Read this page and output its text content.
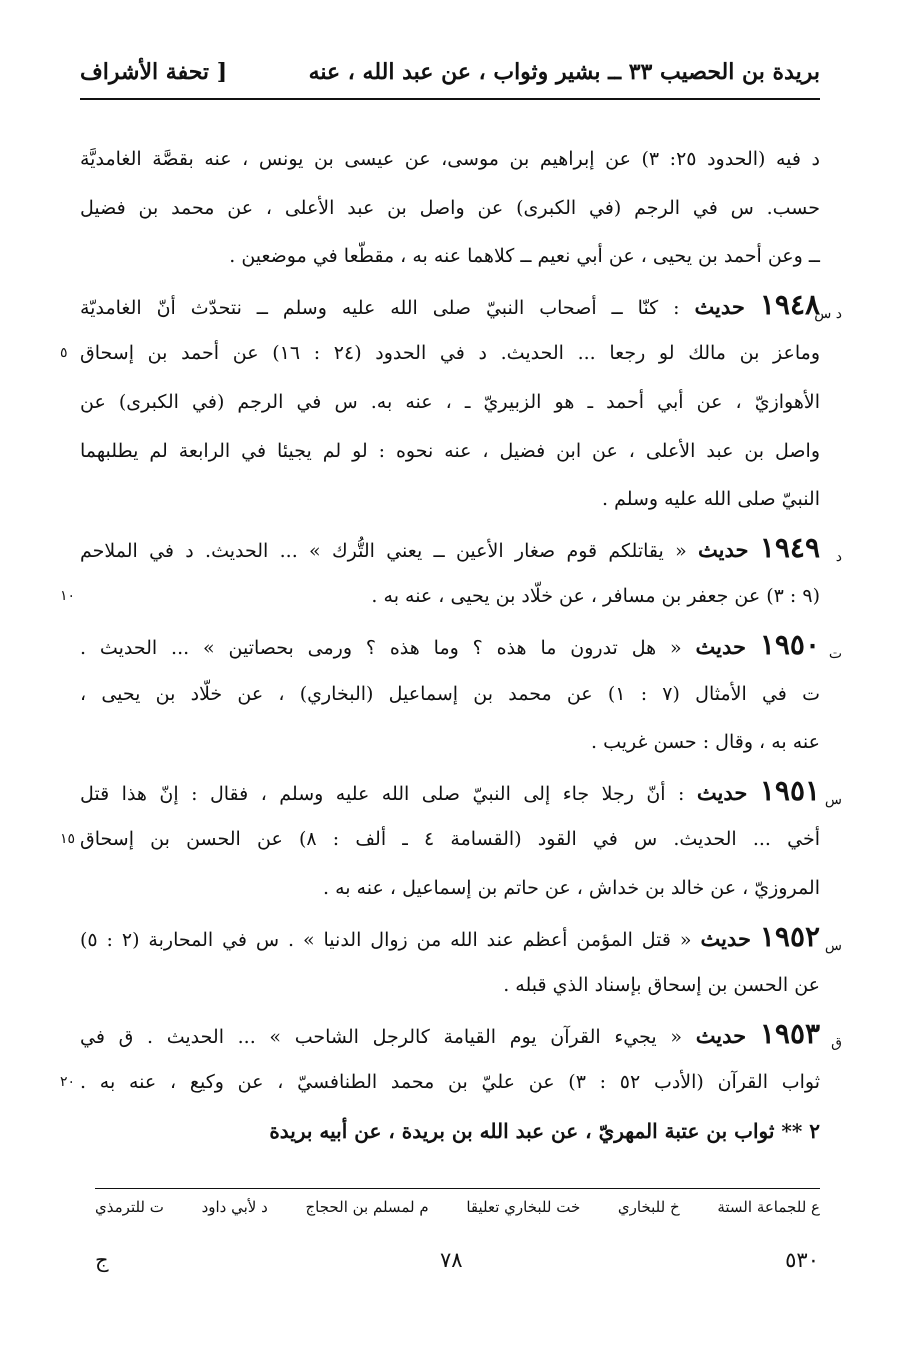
بريدة بن الحصيب ٣٣ ــ بشير وثواب ، عن عبد الله ، عنه
[ تحفة الأشراف
د فيه (الحدود ٢٥: ٣) عن إبراهيم بن موسى، عن عيسى بن يونس ، عنه بقصَّة الغامديَّة
حسب. س في الرجم (في الكبرى) عن واصل بن عبد الأعلى ، عن محمد بن فضيل
ــ وعن أحمد بن يحيى ، عن أبي نعيم ــ كلاهما عنه به ، مقطّعا في موضعين .
١٩٤٨ حديث : كنّا ــ أصحاب النبيّ صلى الله عليه وسلم ــ نتحدّث أنّ الغامديّة	د س
وماعز بن مالك لو رجعا ... الحديث. د في الحدود (٢٤ : ١٦) عن أحمد بن إسحاق
٥
الأهوازيّ ، عن أبي أحمد ـ هو الزبيريّ ـ ، عنه به. س في الرجم (في الكبرى) عن
واصل بن عبد الأعلى ، عن ابن فضيل ، عنه نحوه : لو لم يجيئا في الرابعة لم يطلبهما
النبيّ صلى الله عليه وسلم .
١٩٤٩ حديث « يقاتلكم قوم صغار الأعين ــ يعني التُّرك » ... الحديث. د في الملاحم	د
(٩ : ٣) عن جعفر بن مسافر ، عن خلّاد بن يحيى ، عنه به .
١٠
١٩٥٠ حديث « هل تدرون ما هذه ؟ وما هذه ؟ ورمى بحصاتين » ... الحديث .	ت
ت في الأمثال (٧ : ١) عن محمد بن إسماعيل (البخاري) ، عن خلّاد بن يحيى ،
عنه به ، وقال : حسن غريب .
١٩٥١ حديث : أنّ رجلا جاء إلى النبيّ صلى الله عليه وسلم ، فقال : إنّ هذا قتل	س
أخي ... الحديث. س في القود (القسامة ٤ ـ ألف : ٨) عن الحسن بن إسحاق
١٥
المروزيّ ، عن خالد بن خداش ، عن حاتم بن إسماعيل ، عنه به .
١٩٥٢ حديث « قتل المؤمن أعظم عند الله من زوال الدنيا » . س في المحاربة (٢ : ٥)	س
عن الحسن بن إسحاق بإسناد الذي قبله .
١٩٥٣ حديث « يجيء القرآن يوم القيامة كالرجل الشاحب » ... الحديث . ق في	ق
ثواب القرآن (الأدب ٥٢ : ٣) عن عليّ بن محمد الطنافسيّ ، عن وكيع ، عنه به .
٢٠
٢ ** ثواب بن عتبة المهريّ ، عن عبد الله بن بريدة ، عن أبيه بريدة
ع للجماعة الستة
خ للبخاري
خت للبخاري تعليقا
م لمسلم بن الحجاج
د لأبي داود
ت للترمذي
٥٣٠
٧٨
ج
